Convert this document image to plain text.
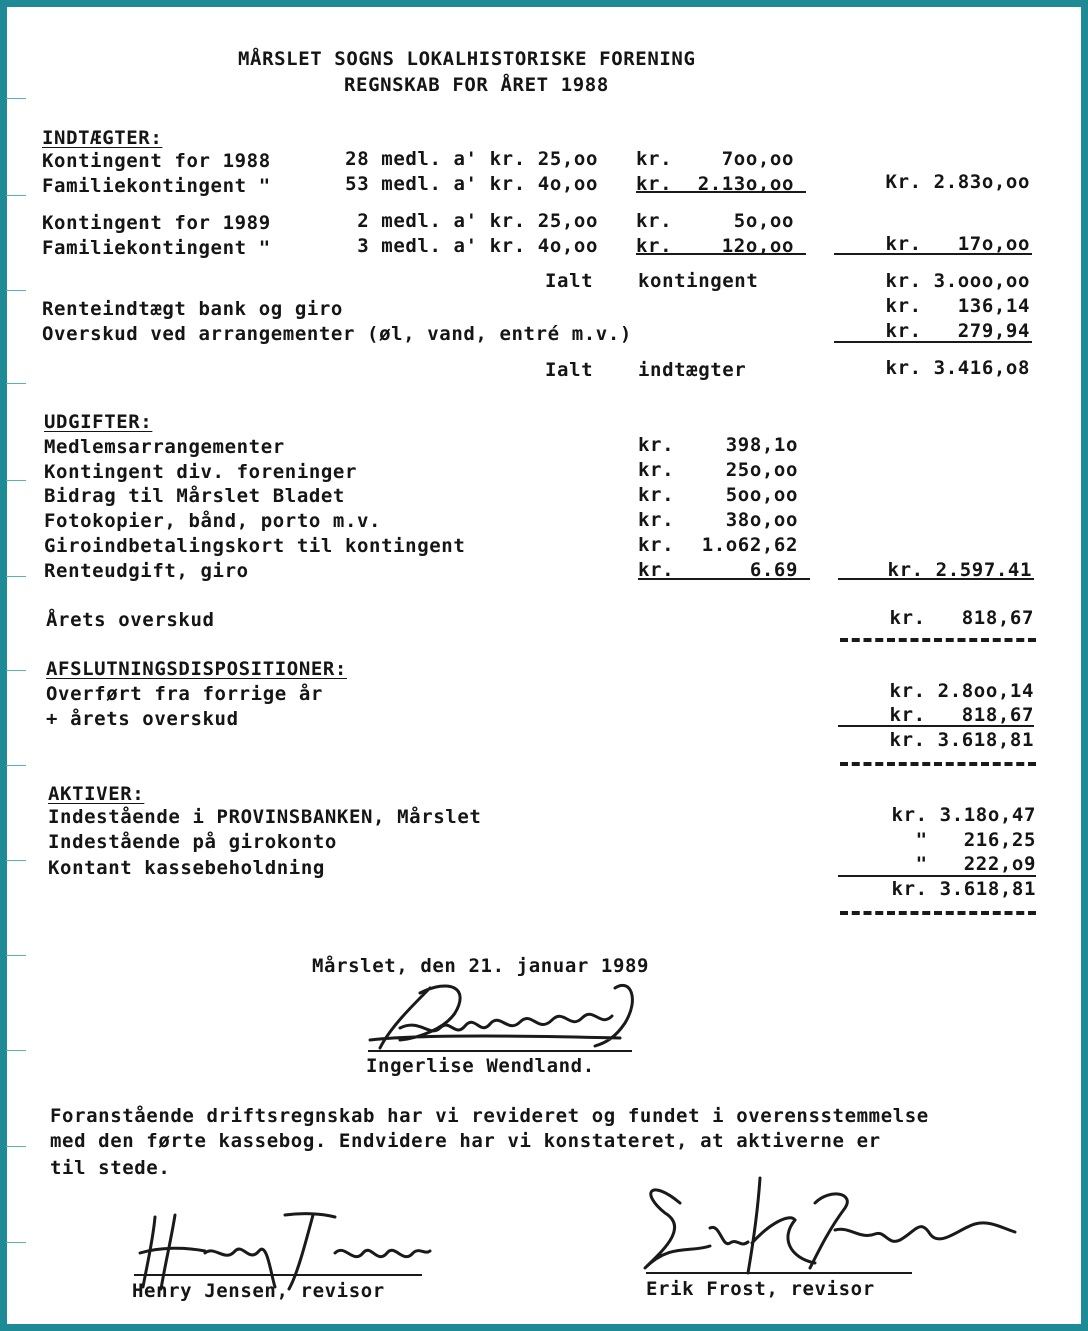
MÅRSLET SOGNS LOKALHISTORISKE FORENING
REGNSKAB FOR ÅRET 1988
INDTÆGTER:
Kontingent for 1988	28 medl. a' kr. 25,oo kr.	7oo,oo
Familiekontingent "	53 medl. a' kr. 4o,oo kr.	2.13o,oo	Kr. 2.83o,oo
Kontingent for 1989	2 medl. a' kr. 25,oo kr.	5o,oo
Familiekontingent "	3 medl. a' kr. 4o,oo kr.	12o,oo	kr.   17o,oo
Ialt kontingent	kr. 3.ooo,oo
Renteindtægt bank og giro	kr.   136,14
Overskud ved arrangementer (øl, vand, entré m.v.)	kr.   279,94
Ialt indtægter	kr. 3.416,o8
UDGIFTER:
Medlemsarrangementer	kr.	398,1o
Kontingent div. foreninger	kr.	25o,oo
Bidrag til Mårslet Bladet	kr.	5oo,oo
Fotokopier, bånd, porto m.v.	kr.	38o,oo
Giroindbetalingskort til kontingent	kr.	1.o62,62
Renteudgift, giro	kr.	6.69	kr. 2.597.41
Årets overskud	kr.   818,67
AFSLUTNINGSDISPOSITIONER:
Overført fra forrige år	kr. 2.8oo,14
+ årets overskud	kr.   818,67
kr. 3.618,81
AKTIVER:
Indestående i PROVINSBANKEN, Mårslet	kr. 3.18o,47
Indestående på girokonto	"   216,25
Kontant kassebeholdning	"   222,o9
kr. 3.618,81
Mårslet, den 21. januar 1989
Ingerlise Wendland.
Foranstående driftsregnskab har vi revideret og fundet i overensstemmelse
med den førte kassebog. Endvidere har vi konstateret, at aktiverne er
til stede.
Henry Jensen, revisor	Erik Frost, revisor
